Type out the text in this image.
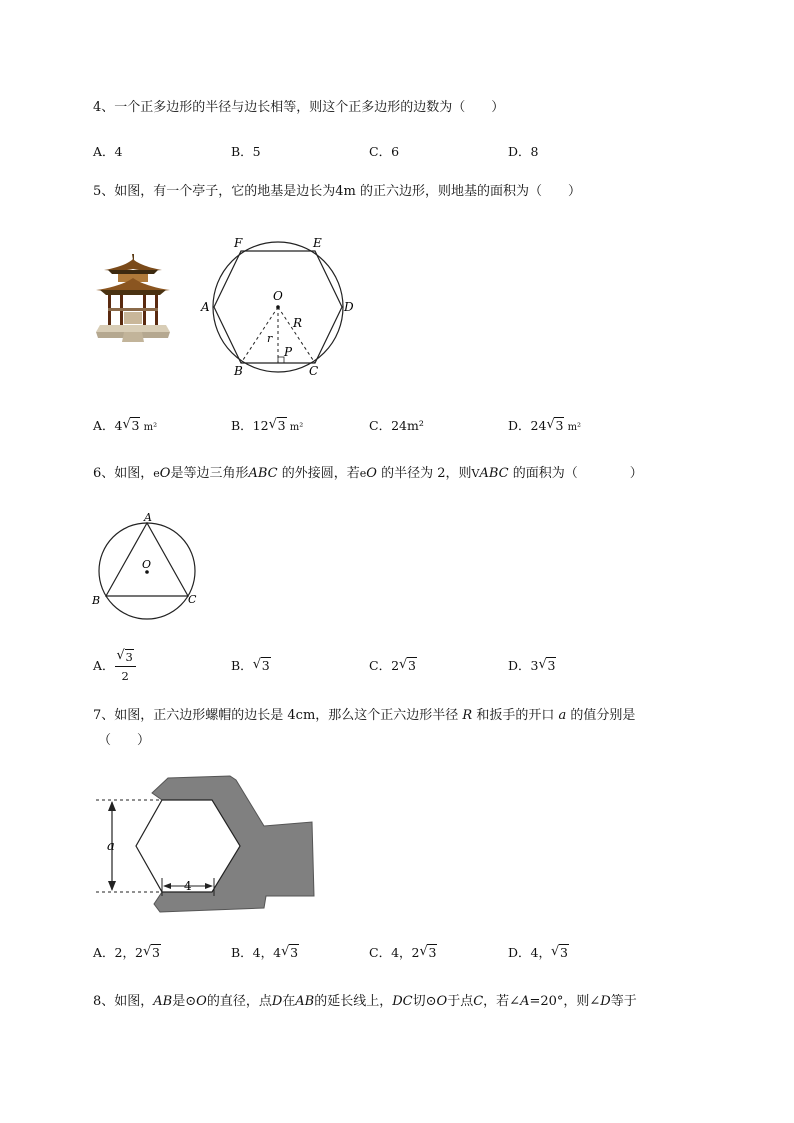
4、一个正多边形的半径与边长相等，则这个正多边形的边数为（　　）
A．4	B．5	C．6	D．8
5、如图，有一个亭子，它的地基是边长为4m 的正六边形，则地基的面积为（　　）
F	E
A
O
D
R
r
P
B	C
A．4 √ 3 m²	B．12 √ 3 m²	C．24m²	D．24 √ 3 m²
6、如图，eO是等边三角形ABC 的外接圆，若eO 的半径为 2，则VABC 的面积为（　　　　）
A
O
B	C
A． √ $\frac{3}{2}$	B． √ 3	C．2 √ 3	D．3 √ 3
7、如图，正六边形螺帽的边长是 4cm，那么这个正六边形半径 R 和扳手的开口 a 的值分别是
（　　）
a
4
A．2，2 √ 3	B．4，4 √ 3	C．4，2 √ 3	D．4， √ 3
8、如图，AB是⊙O的直径，点D在AB的延长线上，DC切⊙O于点C，若∠A=20°，则∠D等于
